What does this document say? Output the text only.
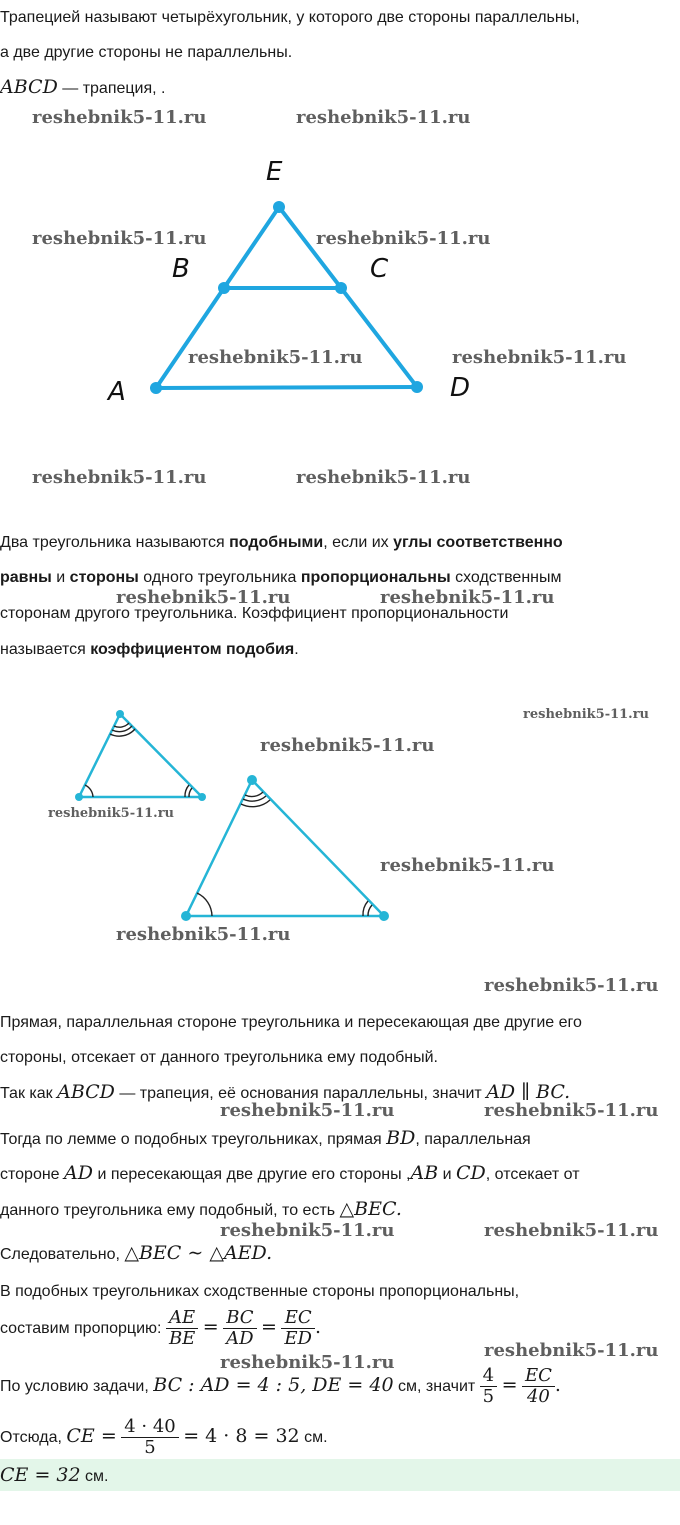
Трапецией называют четырёхугольник, у которого две стороны параллельны,
а две другие стороны не параллельны.
ABCD — трапеция, .
E
B	C
A	D
Два треугольника называются подобными, если их углы соответственно
равны и стороны одного треугольника пропорциональны сходственным
сторонам другого треугольника. Коэффициент пропорциональности
называется коэффициентом подобия.
Прямая, параллельная стороне треугольника и пересекающая две другие его
стороны, отсекает от данного треугольника ему подобный.
Так как ABCD — трапеция, её основания параллельны, значит AD ∥ BC.
Тогда по лемме о подобных треугольниках, прямая BD, параллельная
стороне AD и пересекающая две другие его стороны ,AB и CD, отсекает от
данного треугольника ему подобный, то есть △BEC.
Следовательно, △BEC ∼ △AED.
В подобных треугольниках сходственные стороны пропорциональны,
составим пропорцию: $\frac{AE}{BE} = \frac{BC}{AD} = \frac{EC}{ED}$ .
По условию задачи, BC : AD = 4 : 5, DE = 40 см, значит $\frac{4}{5} = \frac{EC}{40}$ .
Отсюда, CE = $\frac{4 \cdot 40}{5} = 4 \cdot 8 = 32$ см.
CE = 32 см.
reshebnik5-11.ru	reshebnik5-11.ru
reshebnik5-11.ru	reshebnik5-11.ru
reshebnik5-11.ru	reshebnik5-11.ru
reshebnik5-11.ru	reshebnik5-11.ru
reshebnik5-11.ru	reshebnik5-11.ru
reshebnik5-11.ru
reshebnik5-11.ru
reshebnik5-11.ru
reshebnik5-11.ru
reshebnik5-11.ru
reshebnik5-11.ru
reshebnik5-11.ru	reshebnik5-11.ru
reshebnik5-11.ru	reshebnik5-11.ru
reshebnik5-11.ru
reshebnik5-11.ru
